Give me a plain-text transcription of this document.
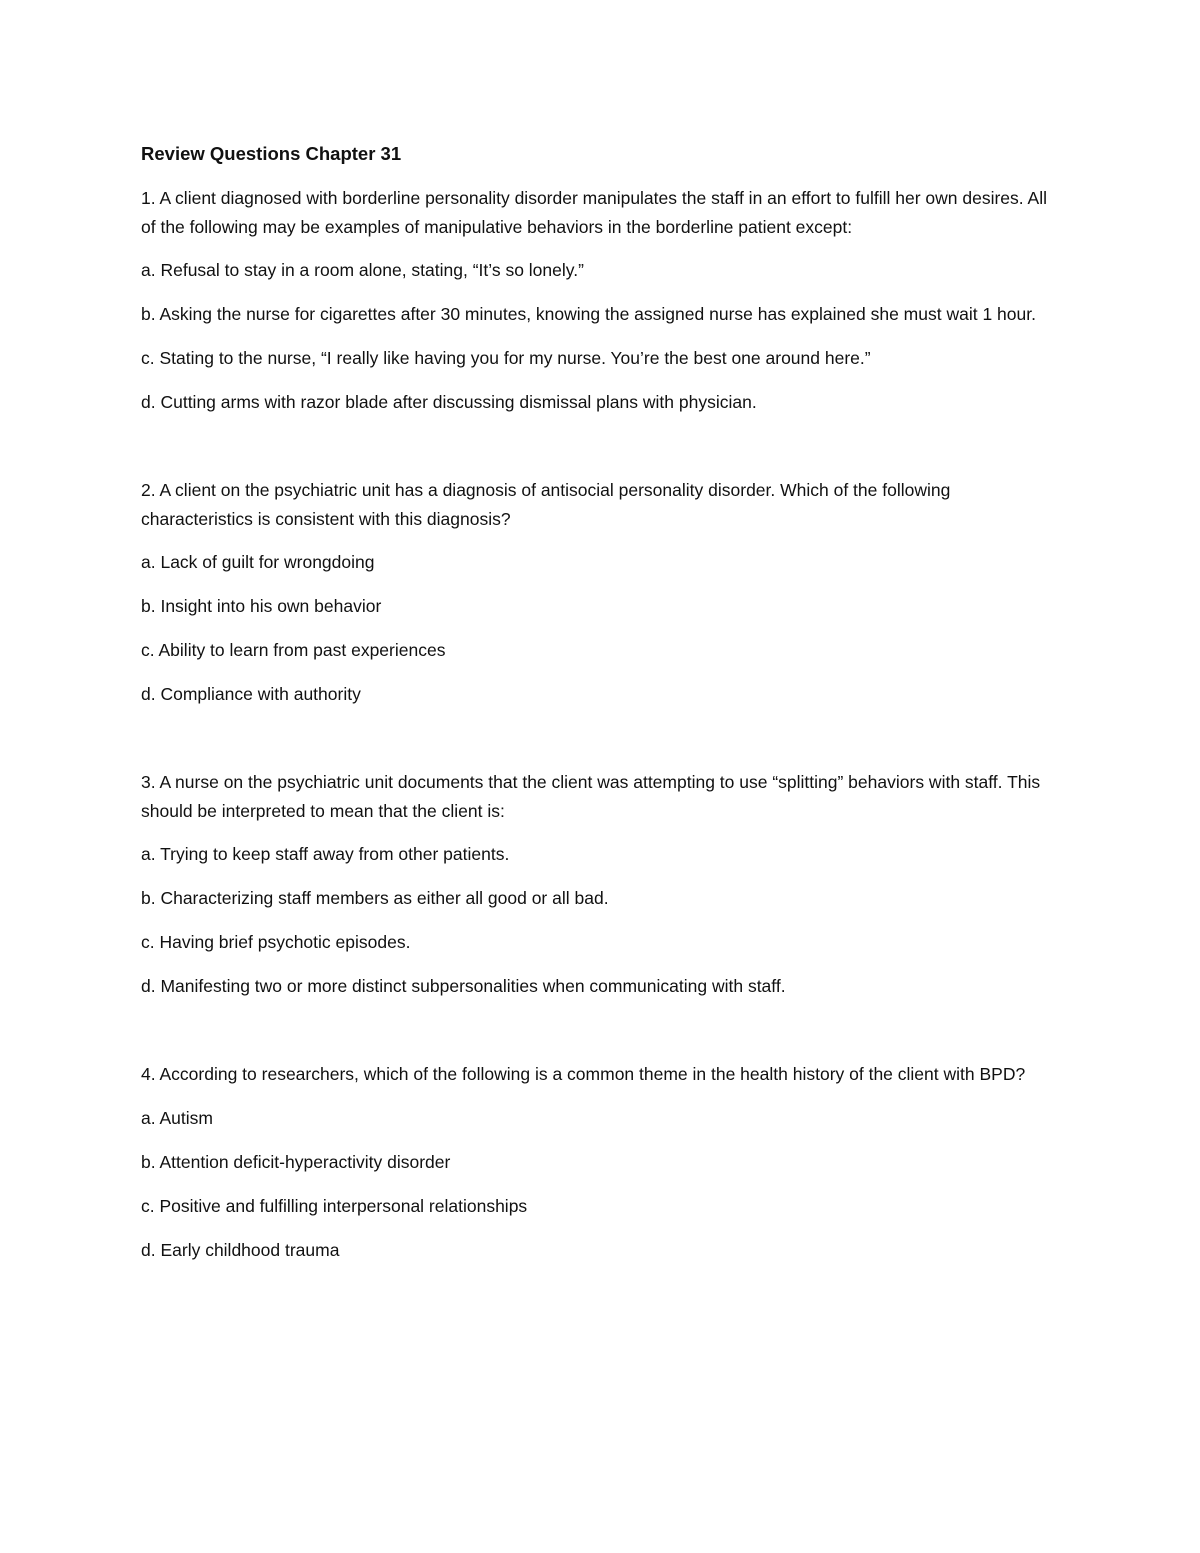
Review Questions Chapter 31

1. A client diagnosed with borderline personality disorder manipulates the staff in an effort to fulfill her own desires. All of the following may be examples of manipulative behaviors in the borderline patient except:

a. Refusal to stay in a room alone, stating, “It’s so lonely.”

b. Asking the nurse for cigarettes after 30 minutes, knowing the assigned nurse has explained she must wait 1 hour.

c. Stating to the nurse, “I really like having you for my nurse. You’re the best one around here.”

d. Cutting arms with razor blade after discussing dismissal plans with physician.

2. A client on the psychiatric unit has a diagnosis of antisocial personality disorder. Which of the following characteristics is consistent with this diagnosis?

a. Lack of guilt for wrongdoing

b. Insight into his own behavior

c. Ability to learn from past experiences

d. Compliance with authority

3. A nurse on the psychiatric unit documents that the client was attempting to use “splitting” behaviors with staff. This should be interpreted to mean that the client is:

a. Trying to keep staff away from other patients.

b. Characterizing staff members as either all good or all bad.

c. Having brief psychotic episodes.

d. Manifesting two or more distinct subpersonalities when communicating with staff.

4. According to researchers, which of the following is a common theme in the health history of the client with BPD?

a. Autism

b. Attention deficit-hyperactivity disorder

c. Positive and fulfilling interpersonal relationships

d. Early childhood trauma
